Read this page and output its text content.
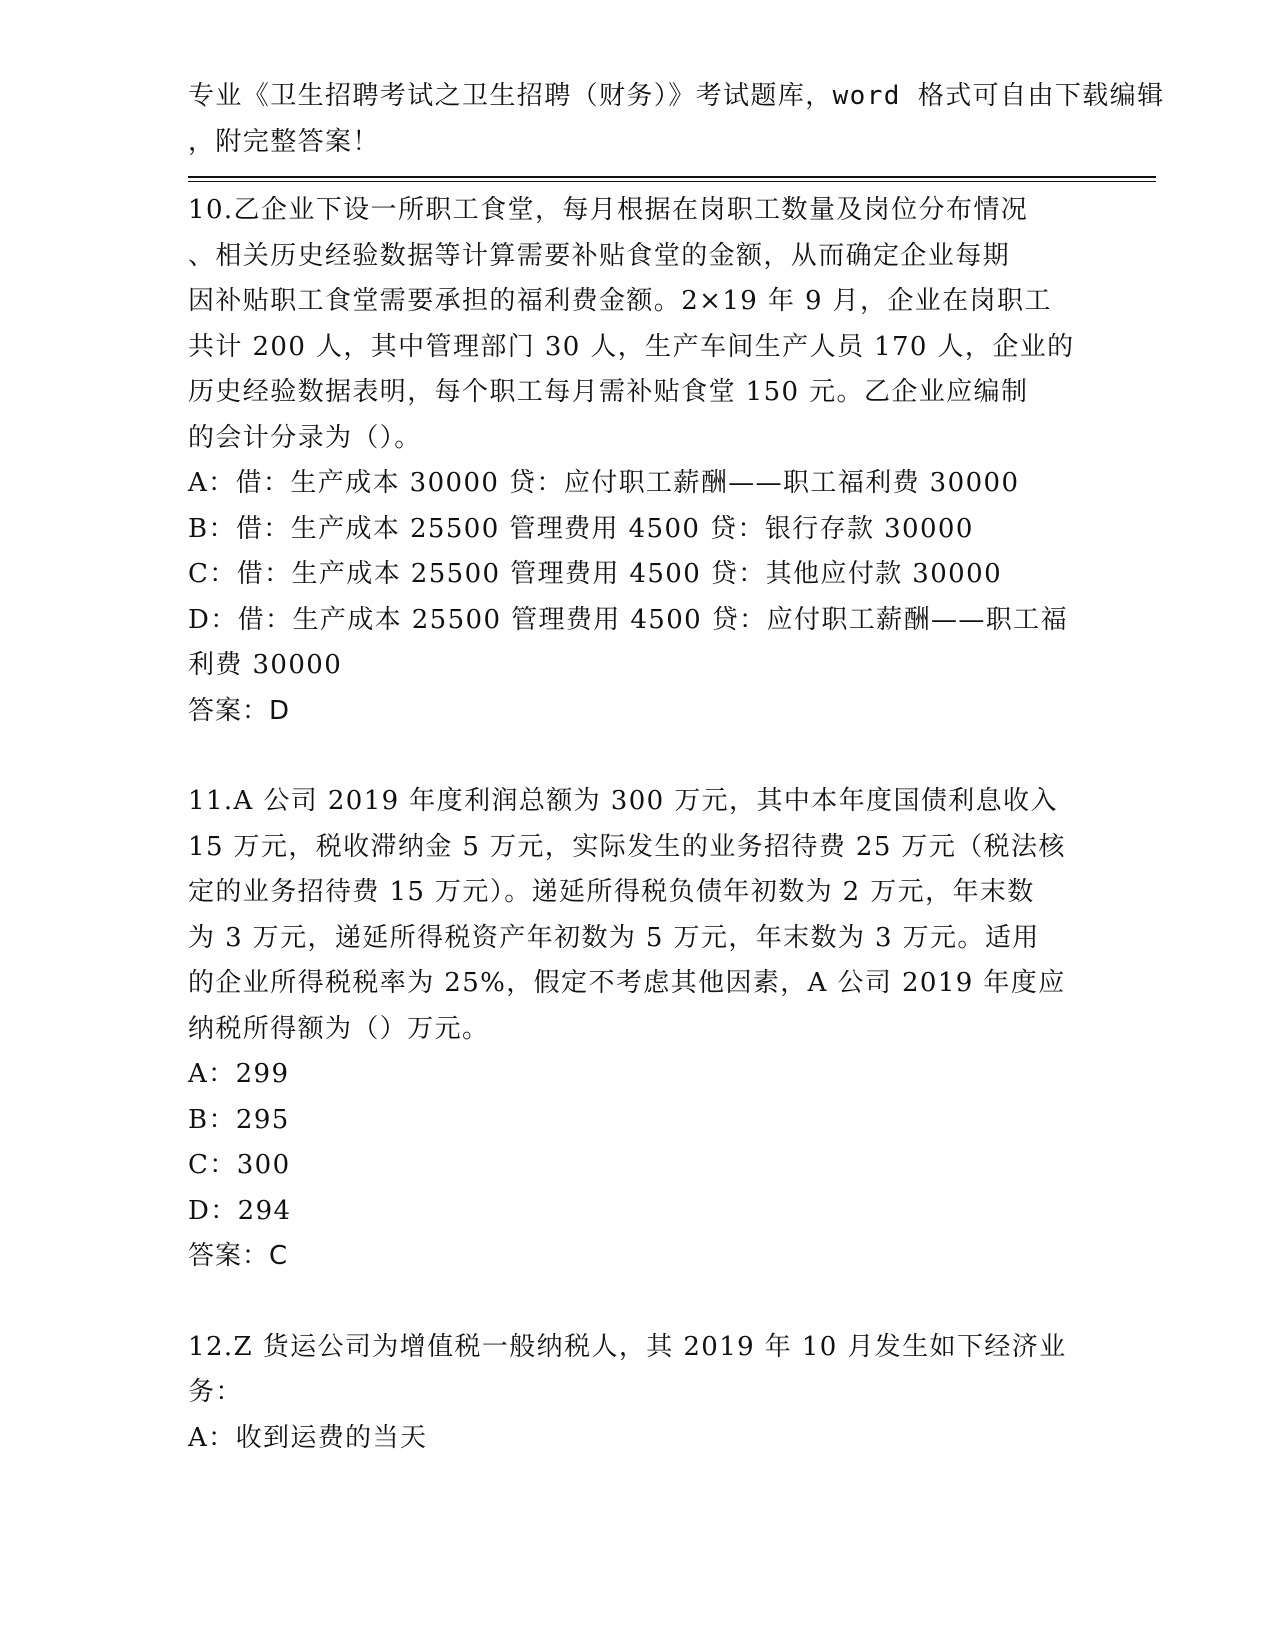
专业《卫生招聘考试之卫生招聘（财务）》考试题库，word 格式可自由下载编辑
，附完整答案！
10.乙企业下设一所职工食堂，每月根据在岗职工数量及岗位分布情况
、相关历史经验数据等计算需要补贴食堂的金额，从而确定企业每期
因补贴职工食堂需要承担的福利费金额。2×19 年 9 月，企业在岗职工
共计 200 人，其中管理部门 30 人，生产车间生产人员 170 人，企业的
历史经验数据表明，每个职工每月需补贴食堂 150 元。乙企业应编制
的会计分录为（）。
A：借：生产成本 30000 贷：应付职工薪酬——职工福利费 30000
B：借：生产成本 25500 管理费用 4500 贷：银行存款 30000
C：借：生产成本 25500 管理费用 4500 贷：其他应付款 30000
D：借：生产成本 25500 管理费用 4500 贷：应付职工薪酬——职工福
利费 30000
答案：D
11.A 公司 2019 年度利润总额为 300 万元，其中本年度国债利息收入
15 万元，税收滞纳金 5 万元，实际发生的业务招待费 25 万元（税法核
定的业务招待费 15 万元）。递延所得税负债年初数为 2 万元，年末数
为 3 万元，递延所得税资产年初数为 5 万元，年末数为 3 万元。适用
的企业所得税税率为 25%，假定不考虑其他因素，A 公司 2019 年度应
纳税所得额为（）万元。
A：299
B：295
C：300
D：294
答案：C
12.Z 货运公司为增值税一般纳税人，其 2019 年 10 月发生如下经济业
务：
A：收到运费的当天
